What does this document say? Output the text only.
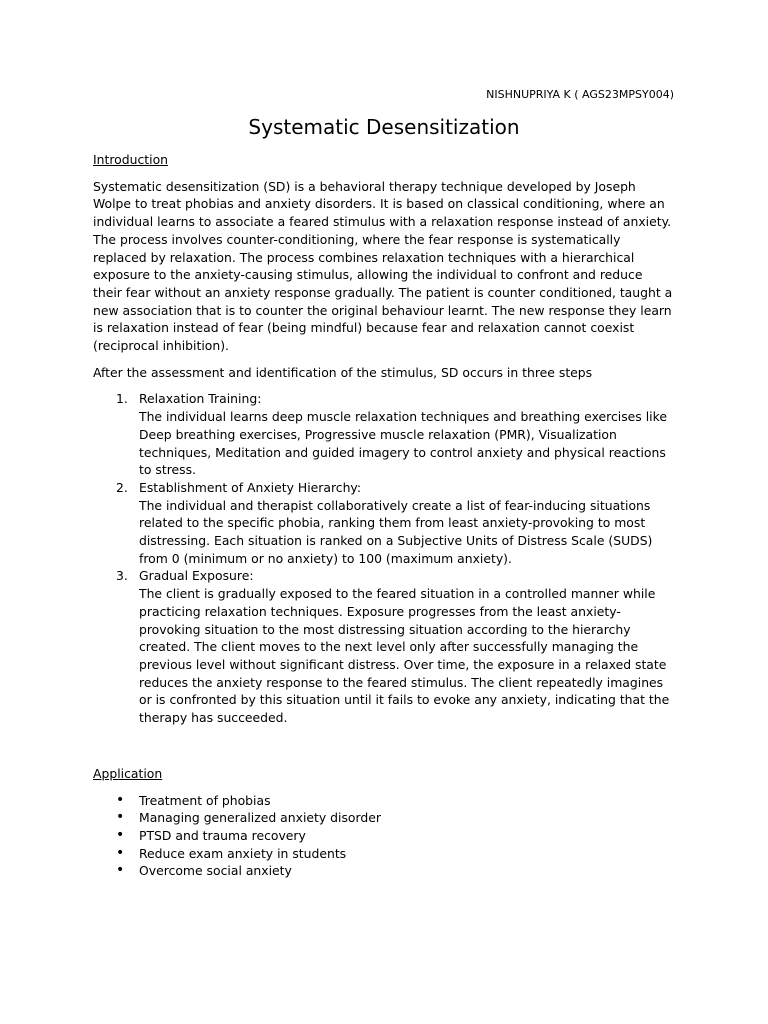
NISHNUPRIYA K ( AGS23MPSY004)
Systematic Desensitization
Introduction

Systematic desensitization (SD) is a behavioral therapy technique developed by Joseph Wolpe to treat phobias and anxiety disorders. It is based on classical conditioning, where an individual learns to associate a feared stimulus with a relaxation response instead of anxiety. The process involves counter-conditioning, where the fear response is systematically replaced by relaxation. The process combines relaxation techniques with a hierarchical exposure to the anxiety-causing stimulus, allowing the individual to confront and reduce their fear without an anxiety response gradually. The patient is counter conditioned, taught a new association that is to counter the original behaviour learnt. The new response they learn is relaxation instead of fear (being mindful) because fear and relaxation cannot coexist (reciprocal inhibition).

After the assessment and identification of the stimulus, SD occurs in three steps

Relaxation Training:
The individual learns deep muscle relaxation techniques and breathing exercises like Deep breathing exercises, Progressive muscle relaxation (PMR), Visualization techniques, Meditation and guided imagery to control anxiety and physical reactions to stress.
Establishment of Anxiety Hierarchy:
The individual and therapist collaboratively create a list of fear-inducing situations related to the specific phobia, ranking them from least anxiety-provoking to most distressing. Each situation is ranked on a Subjective Units of Distress Scale (SUDS) from 0 (minimum or no anxiety) to 100 (maximum anxiety).
Gradual Exposure:
The client is gradually exposed to the feared situation in a controlled manner while practicing relaxation techniques. Exposure progresses from the least anxiety-provoking situation to the most distressing situation according to the hierarchy created. The client moves to the next level only after successfully managing the previous level without significant distress. Over time, the exposure in a relaxed state reduces the anxiety response to the feared stimulus. The client repeatedly imagines or is confronted by this situation until it fails to evoke any anxiety, indicating that the therapy has succeeded.
Application
• Treatment of phobias
• Managing generalized anxiety disorder
• PTSD and trauma recovery
• Reduce exam anxiety in students
• Overcome social anxiety
